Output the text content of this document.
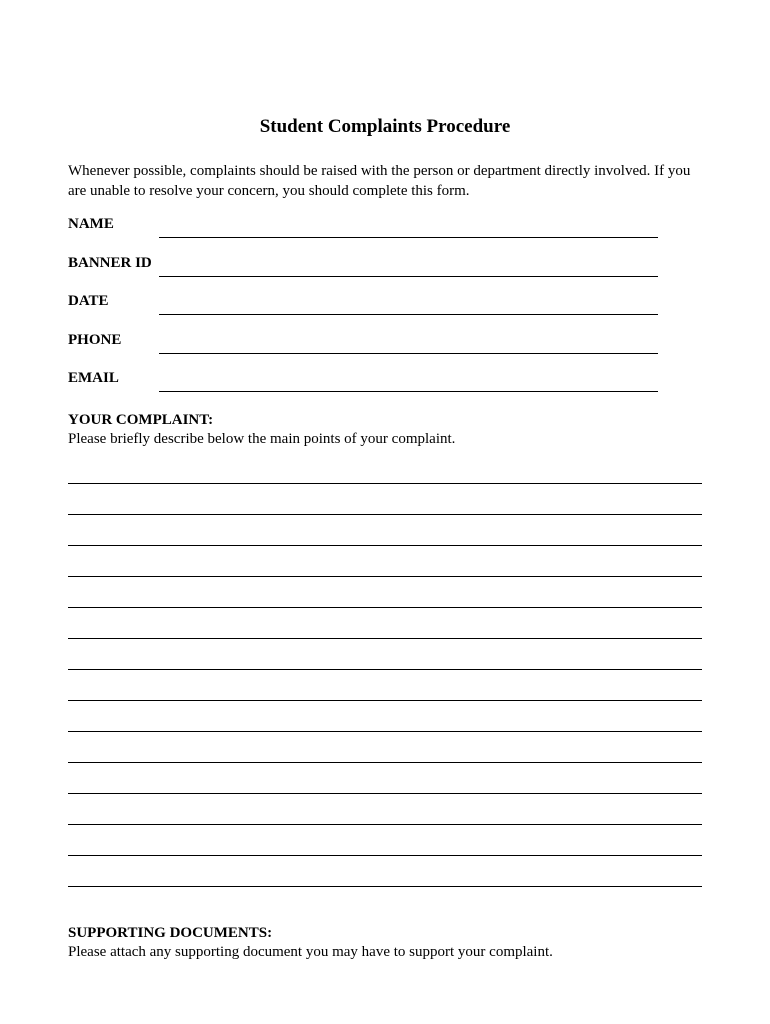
Student Complaints Procedure

Whenever possible, complaints should be raised with the person or department directly involved. If you are unable to resolve your concern, you should complete this form.

NAME
BANNER ID
DATE
PHONE
EMAIL
YOUR COMPLAINT:

Please briefly describe below the main points of your complaint.

SUPPORTING DOCUMENTS:

Please attach any supporting document you may have to support your complaint.
